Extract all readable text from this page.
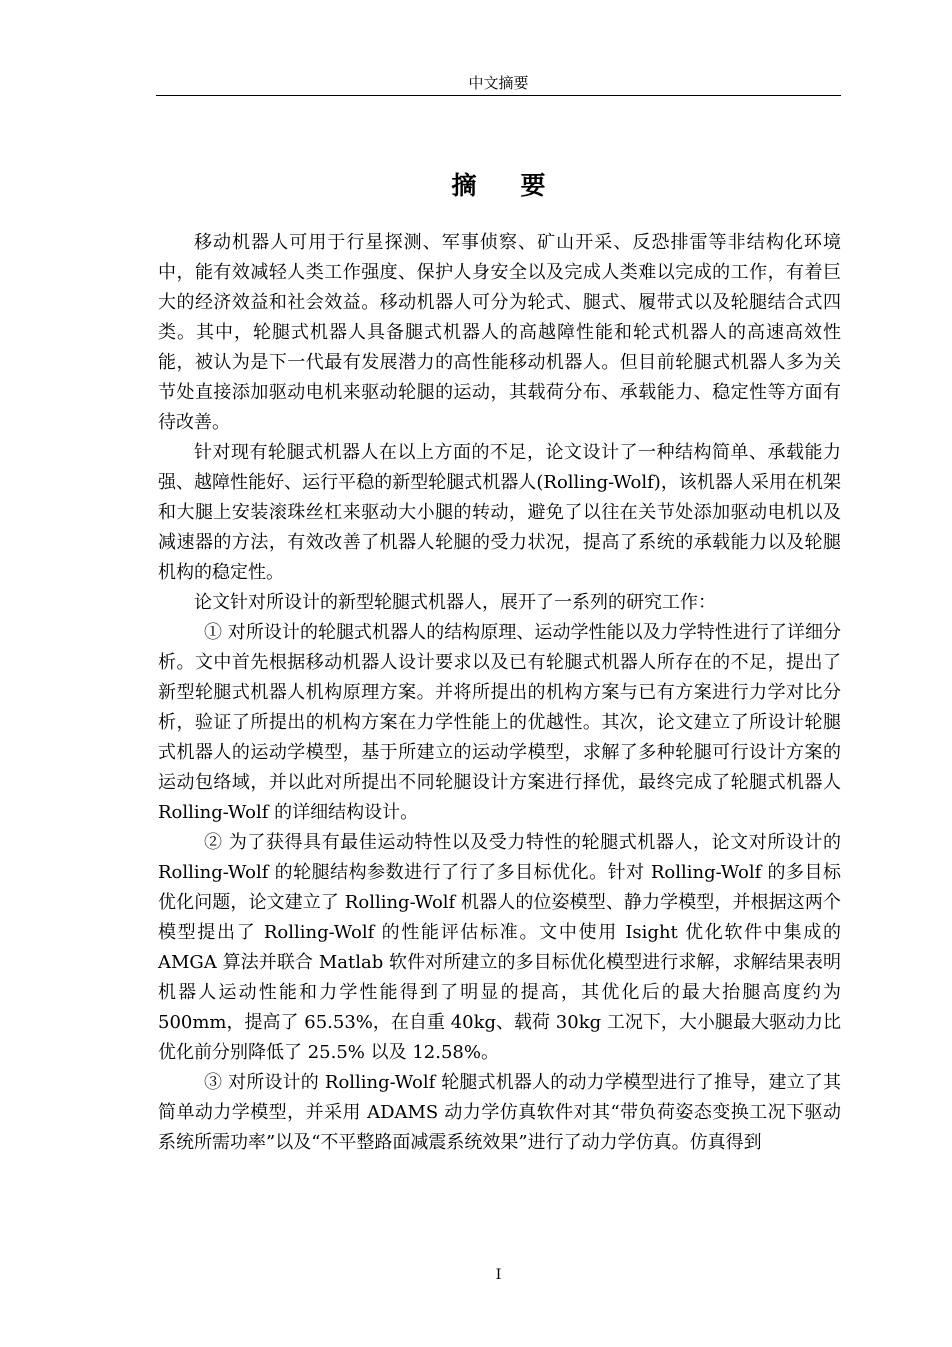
中文摘要
摘要

移动机器人可用于行星探测、军事侦察、矿山开采、反恐排雷等非结构化环境中，能有效减轻人类工作强度、保护人身安全以及完成人类难以完成的工作，有着巨大的经济效益和社会效益。移动机器人可分为轮式、腿式、履带式以及轮腿结合式四类。其中，轮腿式机器人具备腿式机器人的高越障性能和轮式机器人的高速高效性能，被认为是下一代最有发展潜力的高性能移动机器人。但目前轮腿式机器人多为关节处直接添加驱动电机来驱动轮腿的运动，其载荷分布、承载能力、稳定性等方面有待改善。

针对现有轮腿式机器人在以上方面的不足，论文设计了一种结构简单、承载能力强、越障性能好、运行平稳的新型轮腿式机器人(Rolling-Wolf)，该机器人采用在机架和大腿上安装滚珠丝杠来驱动大小腿的转动，避免了以往在关节处添加驱动电机以及减速器的方法，有效改善了机器人轮腿的受力状况，提高了系统的承载能力以及轮腿机构的稳定性。

论文针对所设计的新型轮腿式机器人，展开了一系列的研究工作：

① 对所设计的轮腿式机器人的结构原理、运动学性能以及力学特性进行了详细分析。文中首先根据移动机器人设计要求以及已有轮腿式机器人所存在的不足，提出了新型轮腿式机器人机构原理方案。并将所提出的机构方案与已有方案进行力学对比分析，验证了所提出的机构方案在力学性能上的优越性。其次，论文建立了所设计轮腿式机器人的运动学模型，基于所建立的运动学模型，求解了多种轮腿可行设计方案的运动包络域，并以此对所提出不同轮腿设计方案进行择优，最终完成了轮腿式机器人 Rolling-Wolf 的详细结构设计。

② 为了获得具有最佳运动特性以及受力特性的轮腿式机器人，论文对所设计的 Rolling-Wolf 的轮腿结构参数进行了行了多目标优化。针对 Rolling-Wolf 的多目标优化问题，论文建立了 Rolling-Wolf 机器人的位姿模型、静力学模型，并根据这两个模型提出了 Rolling-Wolf 的性能评估标准。文中使用 Isight 优化软件中集成的 AMGA 算法并联合 Matlab 软件对所建立的多目标优化模型进行求解，求解结果表明机器人运动性能和力学性能得到了明显的提高，其优化后的最大抬腿高度约为 500mm，提高了 65.53%，在自重 40kg、载荷 30kg 工况下，大小腿最大驱动力比优化前分别降低了 25.5% 以及 12.58%。

③ 对所设计的 Rolling-Wolf 轮腿式机器人的动力学模型进行了推导，建立了其简单动力学模型，并采用 ADAMS 动力学仿真软件对其“带负荷姿态变换工况下驱动系统所需功率”以及“不平整路面减震系统效果”进行了动力学仿真。仿真得到

I
